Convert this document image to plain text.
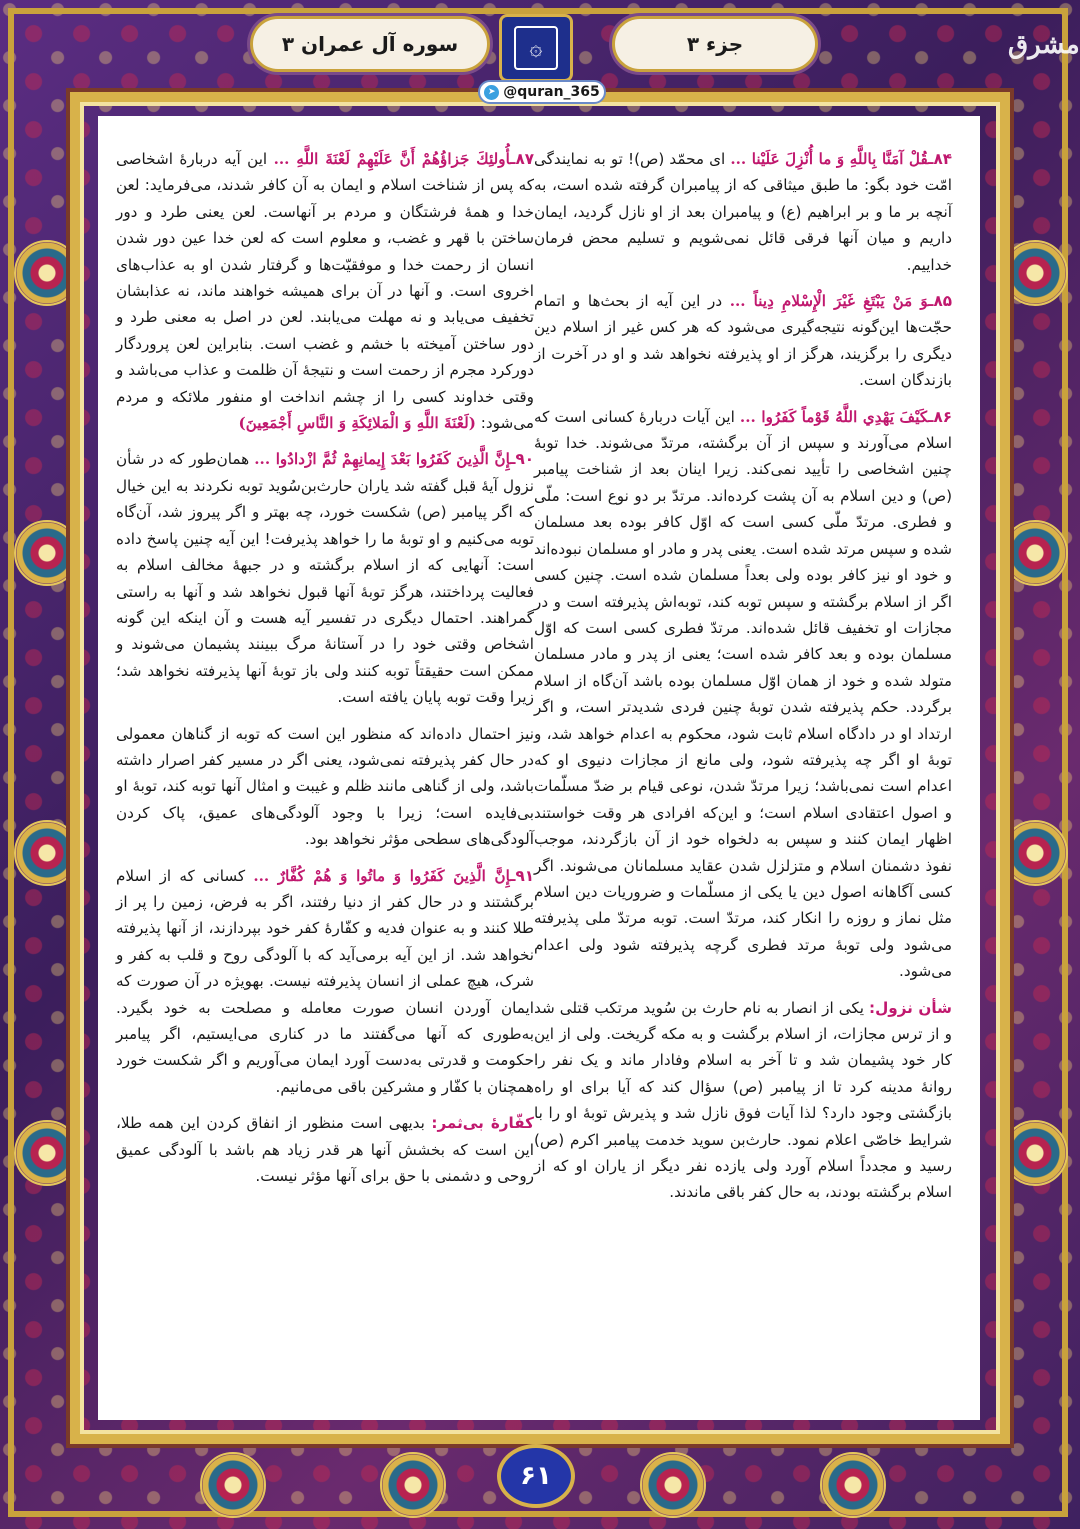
سوره آل عمران ۳	۞	جزء ۳
➤ @quran_365
مشرق

۸۴ـقُلْ آمَنَّا بِاللَّهِ وَ ما أُنْزِلَ عَلَيْنا ... ای محمّد (ص)! تو به نمایندگی امّت خود بگو: ما طبق میثاقی که از پیامبران گرفته شده است، به آنچه بر ما و بر ابراهیم (ع) و پیامبران بعد از او نازل گردید، ایمان داریم و میان آنها فرقی قائل نمی‌شویم و تسلیم محض فرمان خداییم.

۸۵ـوَ مَنْ يَبْتَغِ غَيْرَ الْإِسْلامِ دِيناً ... در این آیه از بحث‌ها و اتمام حجّت‌ها این‌گونه نتیجه‌گیری می‌شود که هر کس غیر از اسلام دین دیگری را برگزیند، هرگز از او پذیرفته نخواهد شد و او در آخرت از بازندگان است.

۸۶ـكَيْفَ يَهْدِي اللَّهُ قَوْماً كَفَرُوا ... این آیات دربارهٔ کسانی است که اسلام می‌آورند و سپس از آن برگشته، مرتدّ می‌شوند. خدا توبهٔ چنین اشخاصی را تأیید نمی‌کند. زیرا اینان بعد از شناخت پیامبر (ص) و دین اسلام به آن پشت کرده‌اند. مرتدّ بر دو نوع است: ملّی و فطری. مرتدّ ملّی کسی است که اوّل کافر بوده بعد مسلمان شده و سپس مرتد شده است. یعنی پدر و مادر او مسلمان نبوده‌اند و خود او نیز کافر بوده ولی بعداً مسلمان شده است. چنین کسی اگر از اسلام برگشته و سپس توبه کند، توبه‌اش پذیرفته است و در مجازات او تخفیف قائل شده‌اند. مرتدّ فطری کسی است که اوّل مسلمان بوده و بعد کافر شده است؛ یعنی از پدر و مادر مسلمان متولد شده و خود از همان اوّل مسلمان بوده باشد آن‌گاه از اسلام برگردد. حکم پذیرفته شدن توبهٔ چنین فردی شدیدتر است، و اگر ارتداد او در دادگاه اسلام ثابت شود، محکوم به اعدام خواهد شد، و توبهٔ او اگر چه پذیرفته شود، ولی مانع از مجازات دنیوی او که اعدام است نمی‌باشد؛ زیرا مرتدّ شدن، نوعی قیام بر ضدّ مسلّمات و اصول اعتقادی اسلام است؛ و این‌که افرادی هر وقت خواستند اظهار ایمان کنند و سپس به دلخواه خود از آن بازگردند، موجب نفوذ دشمنان اسلام و متزلزل شدن عقاید مسلمانان می‌شوند. اگر کسی آگاهانه اصول دین یا یکی از مسلّمات و ضروریات دین اسلام مثل نماز و روزه را انکار کند، مرتدّ است. توبه مرتدّ ملی پذیرفته می‌شود ولی توبهٔ مرتد فطری گرچه پذیرفته شود ولی اعدام می‌شود.

شأن نزول: یکی از انصار به نام حارث بن سُوید مرتکب قتلی شد و از ترس مجازات، از اسلام برگشت و به مکه گریخت. ولی از این کار خود پشیمان شد و تا آخر به اسلام وفادار ماند و یک نفر را روانهٔ مدینه کرد تا از پیامبر (ص) سؤال کند که آیا برای او راه بازگشتی وجود دارد؟ لذا آیات فوق نازل شد و پذیرش توبهٔ او را با شرایط خاصّی اعلام نمود. حارث‌بن سوید خدمت پیامبر اکرم (ص) رسید و مجدداً اسلام آورد ولی یازده نفر دیگر از یاران او که از اسلام برگشته بودند، به حال کفر باقی ماندند.

۸۷ـأُولئِكَ جَزاؤُهُمْ أَنَّ عَلَيْهِمْ لَعْنَةَ اللَّهِ ... این آیه دربارهٔ اشخاصی که پس از شناخت اسلام و ایمان به آن کافر شدند، می‌فرماید: لعن خدا و همهٔ فرشتگان و مردم بر آنهاست. لعن یعنی طرد و دور ساختن با قهر و غضب، و معلوم است که لعن خدا عین دور شدن انسان از رحمت خدا و موفقیّت‌ها و گرفتار شدن او به عذاب‌های اخروی است. و آنها در آن برای همیشه خواهند ماند، نه عذابشان تخفیف می‌یابد و نه مهلت می‌یابند. لعن در اصل به معنی طرد و دور ساختن آمیخته با خشم و غضب است. بنابراین لعن پروردگار دورکرد مجرم از رحمت است و نتیجهٔ آن ظلمت و عذاب می‌باشد و وقتی خداوند کسی را از چشم انداخت او منفور ملائکه و مردم می‌شود: (لَعْنَةَ اللَّهِ وَ الْمَلائِكَةِ وَ النَّاسِ أَجْمَعِينَ)

۹۰ـإِنَّ الَّذِينَ كَفَرُوا بَعْدَ إِيمانِهِمْ ثُمَّ ازْدادُوا ... همان‌طور که در شأن نزول آیهٔ قبل گفته شد یاران حارث‌بن‌سُوید توبه نکردند به این خیال که اگر پیامبر (ص) شکست خورد، چه بهتر و اگر پیروز شد، آن‌گاه توبه می‌کنیم و او توبهٔ ما را خواهد پذیرفت! این آیه چنین پاسخ داده است: آنهایی که از اسلام برگشته و در جبههٔ مخالف اسلام به فعالیت پرداختند، هرگز توبهٔ آنها قبول نخواهد شد و آنها به راستی گمراهند. احتمال دیگری در تفسیر آیه هست و آن اینکه این گونه اشخاص وقتی خود را در آستانهٔ مرگ ببینند پشیمان می‌شوند و ممکن است حقیقتاً توبه کنند ولی باز توبهٔ آنها پذیرفته نخواهد شد؛ زیرا وقت توبه پایان یافته است.

نیز احتمال داده‌اند که منظور این است که توبه از گناهان معمولی در حال کفر پذیرفته نمی‌شود، یعنی اگر در مسیر کفر اصرار داشته باشد، ولی از گناهی مانند ظلم و غیبت و امثال آنها توبه کند، توبهٔ او بی‌فایده است؛ زیرا با وجود آلودگی‌های عمیق، پاک کردن آلودگی‌های سطحی مؤثر نخواهد بود.

۹۱ـإِنَّ الَّذِينَ كَفَرُوا وَ ماتُوا وَ هُمْ كُفَّارٌ ... کسانی که از اسلام برگشتند و در حال کفر از دنیا رفتند، اگر به فرض، زمین را پر از طلا کنند و به عنوان فدیه و کفّارهٔ کفر خود بپردازند، از آنها پذیرفته نخواهد شد. از این آیه برمی‌آید که با آلودگی روح و قلب به کفر و شرک، هیچ عملی از انسان پذیرفته نیست. بهویژه در آن صورت که ایمان آوردن انسان صورت معامله و مصلحت به خود بگیرد. به‌طوری که آنها می‌گفتند ما در کناری می‌ایستیم، اگر پیامبر حکومت و قدرتی به‌دست آورد ایمان می‌آوریم و اگر شکست خورد همچنان با کفّار و مشرکین باقی می‌مانیم.

کفّارهٔ بی‌ثمر: بدیهی است منظور از انفاق کردن این همه طلا، این است که بخشش آنها هر قدر زیاد هم باشد با آلودگی عمیق روحی و دشمنی با حق برای آنها مؤثر نیست.

۶۱
